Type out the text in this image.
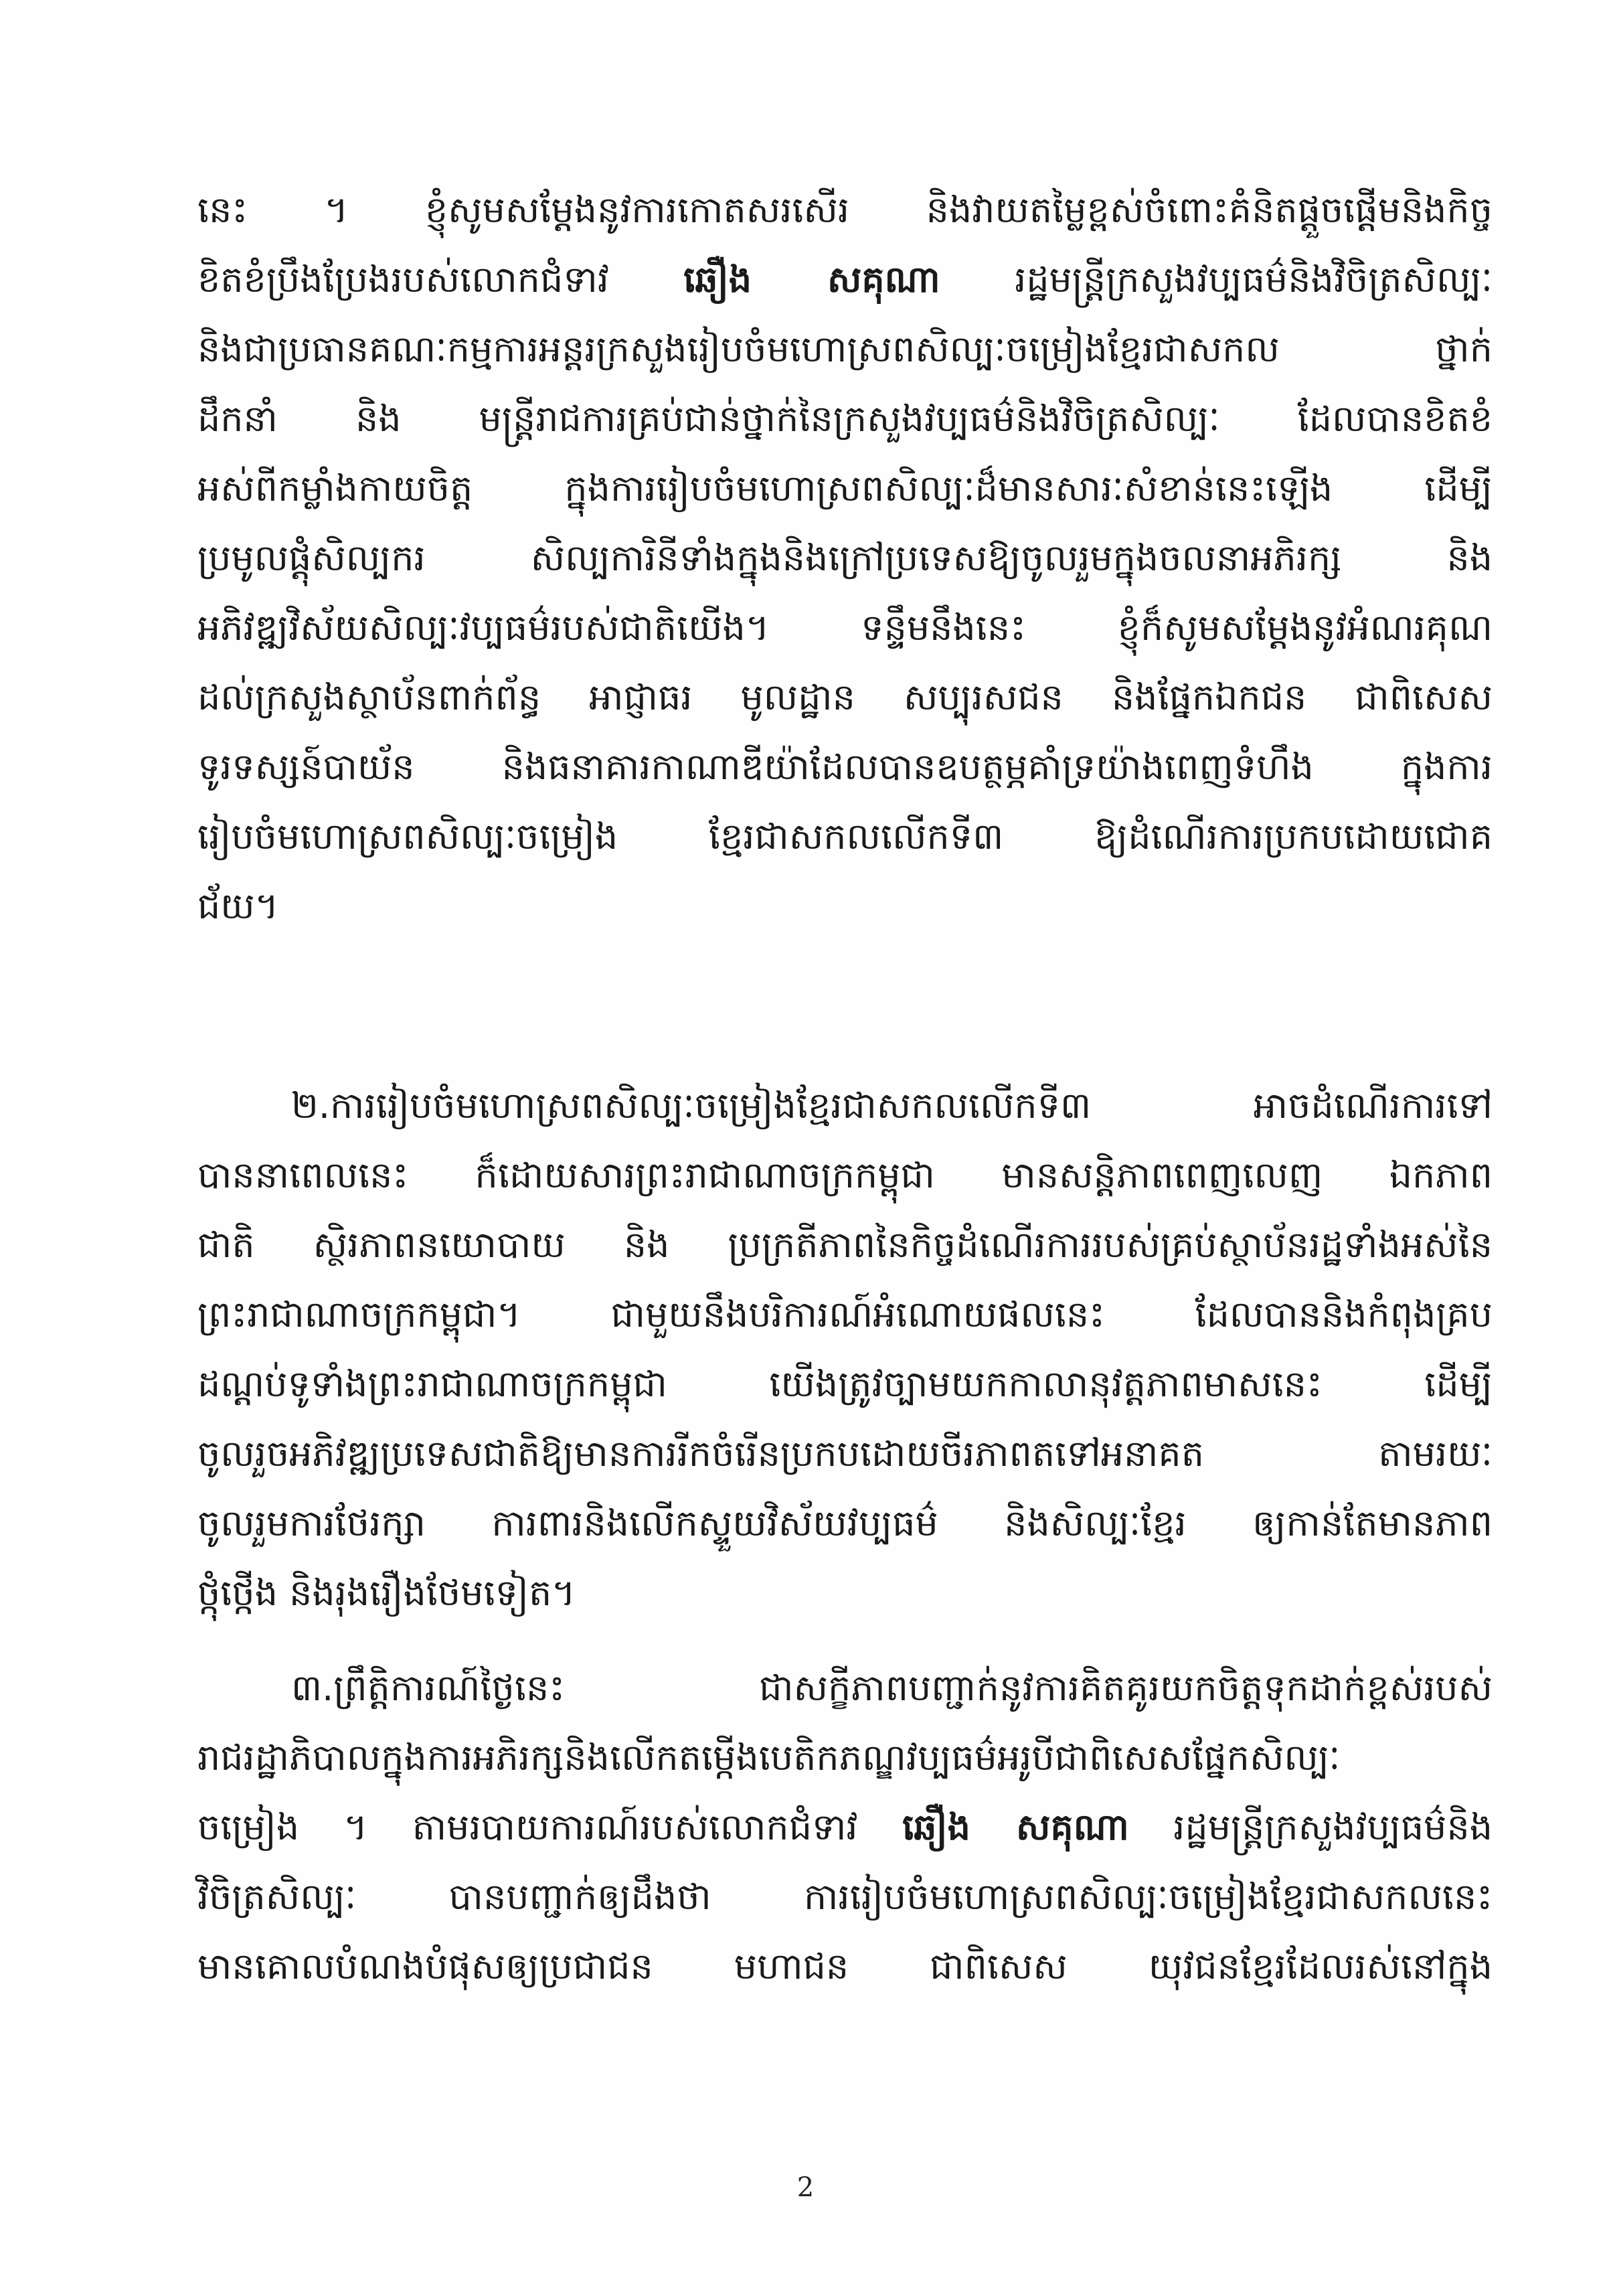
នេះ ។ ខ្ញុំសូមសម្តែងនូវការកោតសរសើរ និងវាយតម្លៃខ្ពស់ចំពោះគំនិតផ្តួចផ្តើមនិងកិច្ច
ខិតខំប្រឹងប្រែងរបស់លោកជំទាវ ឆឿង សគុណា រដ្ឋមន្ត្រីក្រសួងវប្បធម៌និងវិចិត្រសិល្បៈ
និងជាប្រធានគណៈកម្មការអន្តរក្រសួងរៀបចំមហោស្រពសិល្បៈចម្រៀងខ្មែរជាសកល ថ្នាក់
ដឹកនាំ និង មន្ត្រីរាជការគ្រប់ជាន់ថ្នាក់នៃក្រសួងវប្បធម៌និងវិចិត្រសិល្បៈ ដែលបានខិតខំ
អស់ពីកម្លាំងកាយចិត្ត ក្នុងការរៀបចំមហោស្រពសិល្បៈដ៏មានសារៈសំខាន់នេះឡើង ដើម្បី
ប្រមូលផ្តុំសិល្បករ សិល្បការិនីទាំងក្នុងនិងក្រៅប្រទេសឱ្យចូលរួមក្នុងចលនាអភិរក្ស និង
អភិវឌ្ឍវិស័យសិល្បៈវប្បធម៌របស់ជាតិយើង។ ទន្ទឹមនឹងនេះ ខ្ញុំក៏សូមសម្តែងនូវអំណរគុណ
ដល់ក្រសួងស្ថាប័នពាក់ព័ន្ធ អាជ្ញាធរ មូលដ្ឋាន សប្បុរសជន និងផ្នែកឯកជន ជាពិសេស
ទូរទស្សន៍បាយ័ន និងធនាគារកាណាឌីយ៉ាដែលបានឧបត្ថម្ភគាំទ្រយ៉ាងពេញទំហឹង ក្នុងការ
រៀបចំមហោស្រពសិល្បៈចម្រៀង ខ្មែរជាសកលលើកទី៣ ឱ្យដំណើរការប្រកបដោយជោគ
ជ័យ។
២.ការរៀបចំមហោស្រពសិល្បៈចម្រៀងខ្មែរជាសកលលើកទី៣ អាចដំណើរការទៅ
បាននាពេលនេះ ក៏ដោយសារព្រះរាជាណាចក្រកម្ពុជា មានសន្តិភាពពេញលេញ ឯកភាព
ជាតិ ស្ថិរភាពនយោបាយ និង ប្រក្រតីភាពនៃកិច្ចដំណើរការរបស់គ្រប់ស្ថាប័នរដ្ឋទាំងអស់នៃ
ព្រះរាជាណាចក្រកម្ពុជា។ ជាមួយនឹងបរិការណ៍អំណោយផលនេះ ដែលបាននិងកំពុងគ្រប
ដណ្តប់ទូទាំងព្រះរាជាណាចក្រកម្ពុជា យើងត្រូវច្បាមយកកាលានុវត្តភាពមាសនេះ ដើម្បី
ចូលរួចអភិវឌ្ឍប្រទេសជាតិឱ្យមានការរីកចំរើនប្រកបដោយចីរភាពតទៅអនាគត តាមរយៈ
ចូលរួមការថែរក្សា ការពារនិងលើកស្ទួយវិស័យវប្បធម៌ និងសិល្បៈខ្មែរ ឲ្យកាន់តែមានភាព
ថ្កុំថ្កើង និងរុងរឿងថែមទៀត។
៣.ព្រឹត្តិការណ៍ថ្ងៃនេះ ជាសក្ខីភាពបញ្ជាក់នូវការគិតគូរយកចិត្តទុកដាក់ខ្ពស់របស់
រាជរដ្ឋាភិបាលក្នុងការអភិរក្សនិងលើកតម្កើងបេតិកភណ្ឌវប្បធម៌អរូបីជាពិសេសផ្នែកសិល្បៈ
ចម្រៀង ។ តាមរបាយការណ៍របស់លោកជំទាវ ឆឿង សគុណា រដ្ឋមន្ត្រីក្រសួងវប្បធម៌និង
វិចិត្រសិល្បៈ បានបញ្ជាក់ឲ្យដឹងថា ការរៀបចំមហោស្រពសិល្បៈចម្រៀងខ្មែរជាសកលនេះ
មានគោលបំណងបំផុសឲ្យប្រជាជន មហាជន ជាពិសេស យុវជនខ្មែរដែលរស់នៅក្នុង
2
